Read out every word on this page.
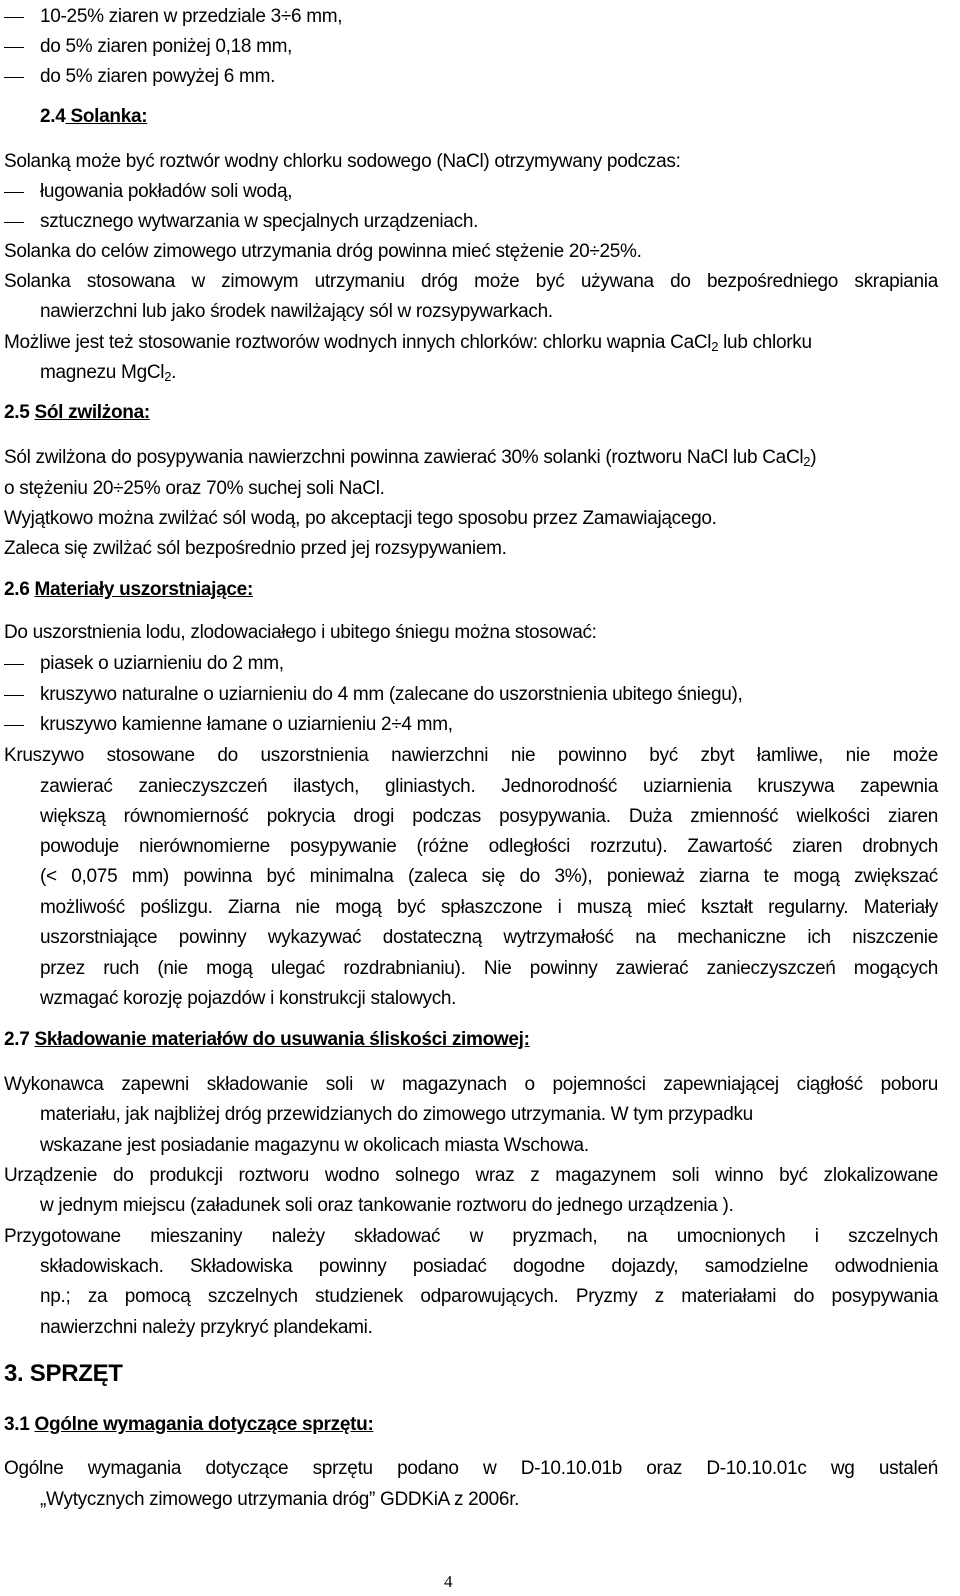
10-25% ziaren w przedziale 3÷6 mm,
do 5% ziaren poniżej 0,18 mm,
do 5% ziaren powyżej 6 mm.
2.4 Solanka:
Solanką może być roztwór wodny chlorku sodowego (NaCl) otrzymywany podczas:
ługowania pokładów soli wodą,
sztucznego wytwarzania w specjalnych urządzeniach.
Solanka do celów zimowego utrzymania dróg powinna mieć stężenie 20÷25%.
Solanka stosowana w zimowym utrzymaniu dróg może być używana do bezpośredniego skrapiania
nawierzchni lub jako środek nawilżający sól w rozsypywarkach.
Możliwe jest też stosowanie roztworów wodnych innych chlorków: chlorku wapnia CaCl$_2$ lub chlorku
magnezu MgCl$_2$.
2.5 Sól zwilżona:
Sól zwilżona do posypywania nawierzchni powinna zawierać 30% solanki (roztworu NaCl lub CaCl$_2$)
o stężeniu 20÷25% oraz 70% suchej soli NaCl.
Wyjątkowo można zwilżać sól wodą, po akceptacji tego sposobu przez Zamawiającego.
Zaleca się zwilżać sól bezpośrednio przed jej rozsypywaniem.
2.6 Materiały uszorstniające:
Do uszorstnienia lodu, zlodowaciałego i ubitego śniegu można stosować:
piasek o uziarnieniu do 2 mm,
kruszywo naturalne o uziarnieniu do 4 mm (zalecane do uszorstnienia ubitego śniegu),
kruszywo kamienne łamane o uziarnieniu 2÷4 mm,
Kruszywo stosowane do uszorstnienia nawierzchni nie powinno być zbyt łamliwe, nie może
zawierać zanieczyszczeń ilastych, gliniastych. Jednorodność uziarnienia kruszywa zapewnia
większą równomierność pokrycia drogi podczas posypywania. Duża zmienność wielkości ziaren
powoduje nierównomierne posypywanie (różne odległości rozrzutu). Zawartość ziaren drobnych
(< 0,075 mm) powinna być minimalna (zaleca się do 3%), ponieważ ziarna te mogą zwiększać
możliwość poślizgu. Ziarna nie mogą być spłaszczone i muszą mieć kształt regularny. Materiały
uszorstniające powinny wykazywać dostateczną wytrzymałość na mechaniczne ich niszczenie
przez ruch (nie mogą ulegać rozdrabnianiu). Nie powinny zawierać zanieczyszczeń mogących
wzmagać korozję pojazdów i konstrukcji stalowych.
2.7 Składowanie materiałów do usuwania śliskości zimowej:
Wykonawca zapewni składowanie soli w magazynach o pojemności zapewniającej ciągłość poboru
materiału, jak najbliżej dróg przewidzianych do zimowego utrzymania. W tym przypadku
wskazane jest posiadanie magazynu w okolicach miasta Wschowa.
Urządzenie do produkcji roztworu wodno solnego wraz z magazynem soli winno być zlokalizowane
w jednym miejscu (załadunek soli oraz tankowanie roztworu do jednego urządzenia ).
Przygotowane mieszaniny należy składować w pryzmach, na umocnionych i szczelnych
składowiskach. Składowiska powinny posiadać dogodne dojazdy, samodzielne odwodnienia
np.; za pomocą szczelnych studzienek odparowujących. Pryzmy z materiałami do posypywania
nawierzchni należy przykryć plandekami.
3. SPRZĘT
3.1 Ogólne wymagania dotyczące sprzętu:
Ogólne wymagania dotyczące sprzętu podano w D-10.10.01b oraz D-10.10.01c wg ustaleń
„Wytycznych zimowego utrzymania dróg” GDDKiA z 2006r.
4
